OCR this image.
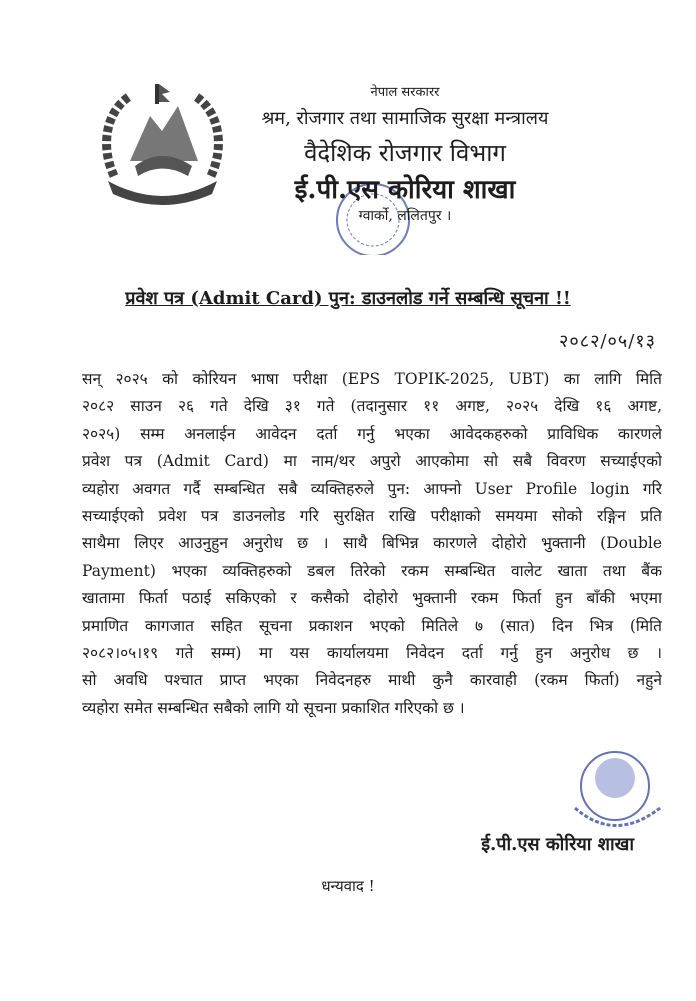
नेपाल सरकारर
श्रम, रोजगार तथा सामाजिक सुरक्षा मन्त्रालय
वैदेशिक रोजगार विभाग
ई.पी.एस कोरिया शाखा
ग्वार्को, ललितपुर ।
प्रवेश पत्र (Admit Card) पुन: डाउनलोड गर्ने सम्बन्धि सूचना !!
२०८२/०५/१३
सन् २०२५ को कोरियन भाषा परीक्षा (EPS TOPIK-2025, UBT) का लागि मिति
२०८२ साउन २६ गते देखि ३१ गते (तदानुसार ११ अगष्ट, २०२५ देखि १६ अगष्ट,
२०२५) सम्म अनलाईन आवेदन दर्ता गर्नु भएका आवेदकहरुको प्राविधिक कारणले
प्रवेश पत्र (Admit Card) मा नाम/थर अपुरो आएकोमा सो सबै विवरण सच्याईएको
व्यहोरा अवगत गर्दै सम्बन्धित सबै व्यक्तिहरुले पुन: आफ्नो User Profile login गरि
सच्याईएको प्रवेश पत्र डाउनलोड गरि सुरक्षित राखि परीक्षाको समयमा सोको रङ्गिन प्रति
साथैमा लिएर आउनुहुन अनुरोध छ । साथै बिभिन्न कारणले दोहोरो भुक्तानी (Double
Payment) भएका व्यक्तिहरुको डबल तिरेको रकम सम्बन्धित वालेट खाता तथा बैंक
खातामा फिर्ता पठाई सकिएको र कसैको दोहोरो भुक्तानी रकम फिर्ता हुन बाँकी भएमा
प्रमाणित कागजात सहित सूचना प्रकाशन भएको मितिले ७ (सात) दिन भित्र (मिति
२०८२।०५।१९ गते सम्म) मा यस कार्यालयमा निवेदन दर्ता गर्नु हुन अनुरोध छ ।
सो अवधि पश्चात प्राप्त भएका निवेदनहरु माथी कुनै कारवाही (रकम फिर्ता) नहुने
व्यहोरा समेत सम्बन्धित सबैको लागि यो सूचना प्रकाशित गरिएको छ ।
ई.पी.एस कोरिया शाखा
धन्यवाद !
